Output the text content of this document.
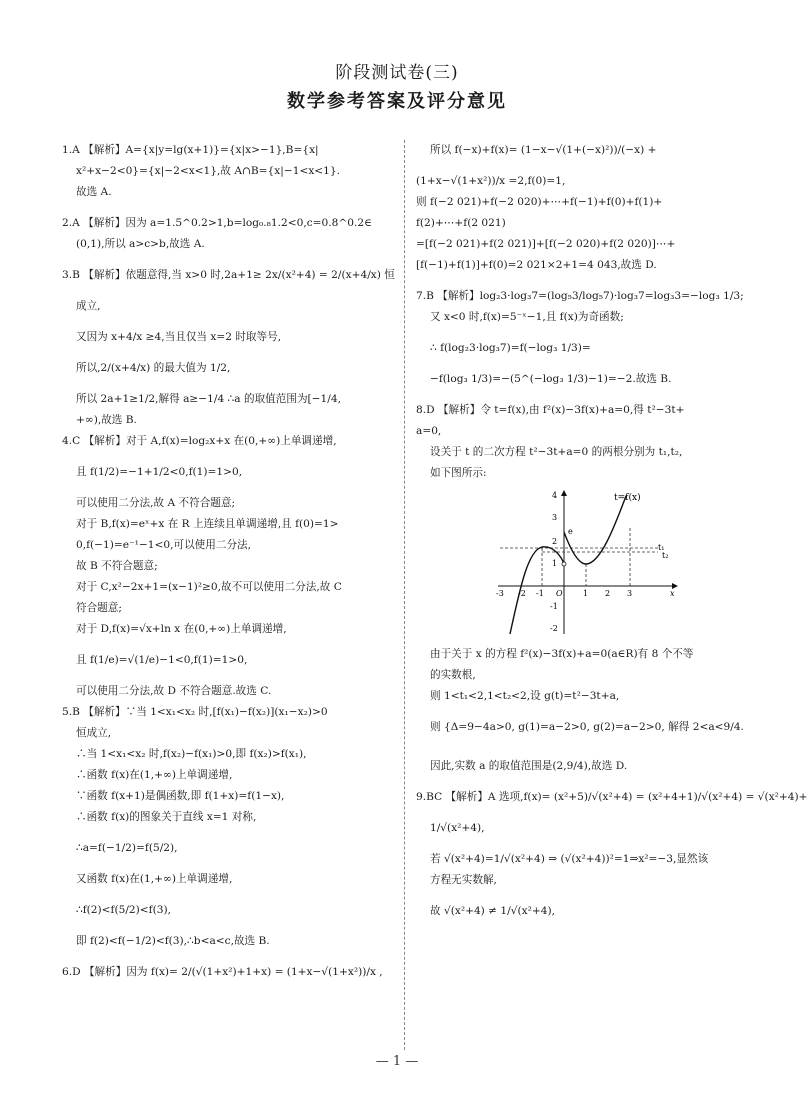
阶段测试卷(三)
数学参考答案及评分意见
1.A 【解析】A={x|y=lg(x+1)}={x|x>−1},B={x|
x²+x−2<0}={x|−2<x<1},故 A∩B={x|−1<x<1}.
故选 A.
2.A 【解析】因为 a=1.5^0.2>1,b=log₀.₈1.2<0,c=0.8^0.2∈
(0,1),所以 a>c>b,故选 A.
3.B 【解析】依题意得,当 x>0 时,2a+1≥ 2x/(x²+4) = 2/(x+4/x) 恒
成立,
又因为 x+4/x ≥4,当且仅当 x=2 时取等号,
所以,2/(x+4/x) 的最大值为 1/2,
所以 2a+1≥1/2,解得 a≥−1/4 ∴a 的取值范围为[−1/4,
+∞),故选 B.
4.C 【解析】对于 A,f(x)=log₂x+x 在(0,+∞)上单调递增,
且 f(1/2)=−1+1/2<0,f(1)=1>0,
可以使用二分法,故 A 不符合题意;
对于 B,f(x)=eˣ+x 在 R 上连续且单调递增,且 f(0)=1>
0,f(−1)=e⁻¹−1<0,可以使用二分法,
故 B 不符合题意;
对于 C,x²−2x+1=(x−1)²≥0,故不可以使用二分法,故 C
符合题意;
对于 D,f(x)=√x+ln x 在(0,+∞)上单调递增,
且 f(1/e)=√(1/e)−1<0,f(1)=1>0,
可以使用二分法,故 D 不符合题意.故选 C.
5.B 【解析】∵当 1<x₁<x₂ 时,[f(x₁)−f(x₂)](x₁−x₂)>0
恒成立,
∴当 1<x₁<x₂ 时,f(x₂)−f(x₁)>0,即 f(x₂)>f(x₁),
∴函数 f(x)在(1,+∞)上单调递增,
∵函数 f(x+1)是偶函数,即 f(1+x)=f(1−x),
∴函数 f(x)的图象关于直线 x=1 对称,
∴a=f(−1/2)=f(5/2),
又函数 f(x)在(1,+∞)上单调递增,
∴f(2)<f(5/2)<f(3),
即 f(2)<f(−1/2)<f(3),∴b<a<c,故选 B.
6.D 【解析】因为 f(x)= 2/(√(1+x²)+1+x) = (1+x−√(1+x²))/x ,
所以 f(−x)+f(x)= (1−x−√(1+(−x)²))/(−x) +
(1+x−√(1+x²))/x =2,f(0)=1,
则 f(−2 021)+f(−2 020)+⋯+f(−1)+f(0)+f(1)+
f(2)+⋯+f(2 021)
=[f(−2 021)+f(2 021)]+[f(−2 020)+f(2 020)]⋯+
[f(−1)+f(1)]+f(0)=2 021×2+1=4 043,故选 D.
7.B 【解析】log₂3·log₃7=(log₅3/log₅7)·log₃7=log₃3=−log₃ 1/3;
又 x<0 时,f(x)=5⁻ˣ−1,且 f(x)为奇函数;
∴ f(log₂3·log₃7)=f(−log₃ 1/3)=
−f(log₃ 1/3)=−(5^(−log₃ 1/3)−1)=−2.故选 B.
8.D 【解析】令 t=f(x),由 f²(x)−3f(x)+a=0,得 t²−3t+
a=0,
设关于 t 的二次方程 t²−3t+a=0 的两根分别为 t₁,t₂,
如下图所示:
t=f(x)
t₁
t₂
4
3
e
2
1
-1
-2
-3 -2 -1 O	1 2 3	x
由于关于 x 的方程 f²(x)−3f(x)+a=0(a∈R)有 8 个不等
的实数根,
则 1<t₁<2,1<t₂<2,设 g(t)=t²−3t+a,
则 {Δ=9−4a>0, g(1)=a−2>0, g(2)=a−2>0, 解得 2<a<9/4.
因此,实数 a 的取值范围是(2,9/4),故选 D.
9.BC 【解析】A 选项,f(x)= (x²+5)/√(x²+4) = (x²+4+1)/√(x²+4) = √(x²+4)+
1/√(x²+4),
若 √(x²+4)=1/√(x²+4) ⇒ (√(x²+4))²=1⇒x²=−3,显然该
方程无实数解,
故 √(x²+4) ≠ 1/√(x²+4),
— 1 —
